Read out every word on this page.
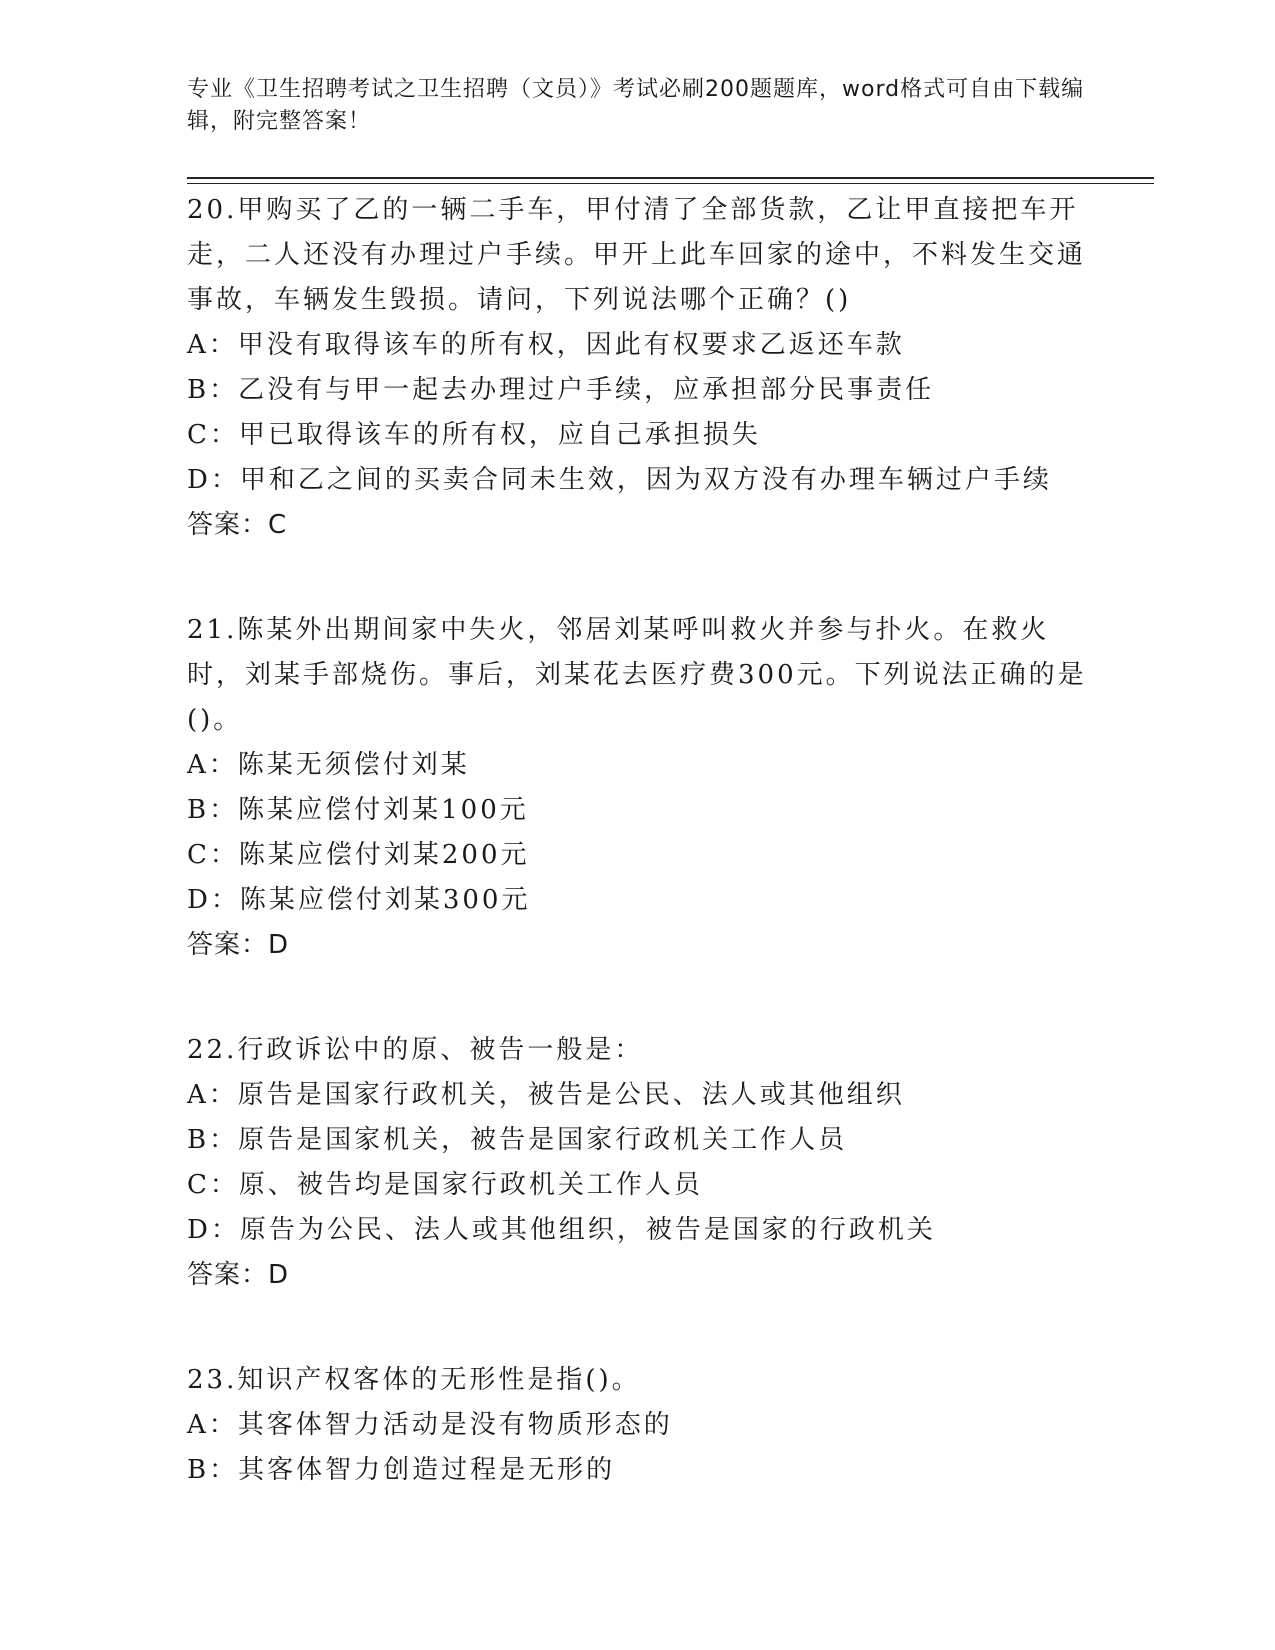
专业《卫生招聘考试之卫生招聘（文员）》考试必刷200题题库，word格式可自由下载编辑，附完整答案！

20.甲购买了乙的一辆二手车，甲付清了全部货款，乙让甲直接把车开走，二人还没有办理过户手续。甲开上此车回家的途中，不料发生交通事故，车辆发生毁损。请问，下列说法哪个正确？()

A：甲没有取得该车的所有权，因此有权要求乙返还车款

B：乙没有与甲一起去办理过户手续，应承担部分民事责任

C：甲已取得该车的所有权，应自己承担损失

D：甲和乙之间的买卖合同未生效，因为双方没有办理车辆过户手续

答案：C

21.陈某外出期间家中失火，邻居刘某呼叫救火并参与扑火。在救火时，刘某手部烧伤。事后，刘某花去医疗费300元。下列说法正确的是()。

A：陈某无须偿付刘某

B：陈某应偿付刘某100元

C：陈某应偿付刘某200元

D：陈某应偿付刘某300元

答案：D

22.行政诉讼中的原、被告一般是：

A：原告是国家行政机关，被告是公民、法人或其他组织

B：原告是国家机关，被告是国家行政机关工作人员

C：原、被告均是国家行政机关工作人员

D：原告为公民、法人或其他组织，被告是国家的行政机关

答案：D

23.知识产权客体的无形性是指()。

A：其客体智力活动是没有物质形态的

B：其客体智力创造过程是无形的
